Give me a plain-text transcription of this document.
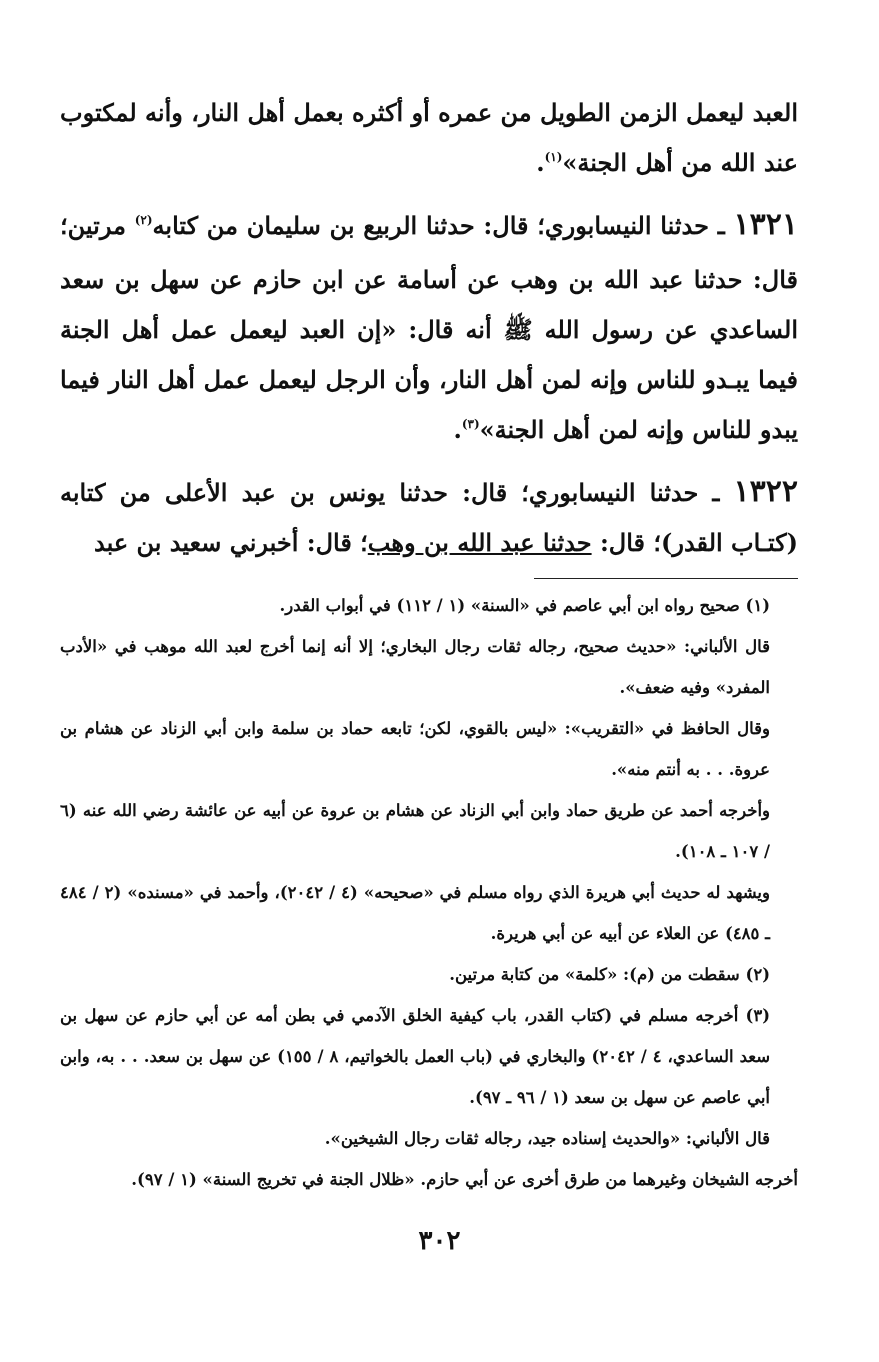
العبد ليعمل الزمن الطويل من عمره أو أكثره بعمل أهل النار، وأنه لمكتوب عند الله من أهل الجنة»$^{(١)}$.

١٣٢١ ـ حدثنا النيسابوري؛ قال: حدثنا الربيع بن سليمان من كتابه$^{(٢)}$ مرتين؛ قال: حدثنا عبد الله بن وهب عن أسامة عن ابن حازم عن سهل بن سعد الساعدي عن رسول الله ﷺ أنه قال: «إن العبد ليعمل عمل أهل الجنة فيما يبـدو للناس وإنه لمن أهل النار، وأن الرجل ليعمل عمل أهل النار فيما يبدو للناس وإنه لمن أهل الجنة»$^{(٣)}$.

١٣٢٢ ـ حدثنا النيسابوري؛ قال: حدثنا يونس بن عبد الأعلى من كتابه (كتـاب القدر)؛ قال: حدثنا عبد الله بن وهب؛ قال: أخبرني سعيد بن عبد

(١) صحيح رواه ابن أبي عاصم في «السنة» (١ / ١١٢) في أبواب القدر.

قال الألباني: «حديث صحيح، رجاله ثقات رجال البخاري؛ إلا أنه إنما أخرج لعبد الله موهب في «الأدب المفرد» وفيه ضعف».

وقال الحافظ في «التقريب»: «ليس بالقوي، لكن؛ تابعه حماد بن سلمة وابن أبي الزناد عن هشام بن عروة. . . به أنتم منه».

وأخرجه أحمد عن طريق حماد وابن أبي الزناد عن هشام بن عروة عن أبيه عن عائشة رضي الله عنه (٦ / ١٠٧ ـ ١٠٨).

ويشهد له حديث أبي هريرة الذي رواه مسلم في «صحيحه» (٤ / ٢٠٤٢)، وأحمد في «مسنده» (٢ / ٤٨٤ ـ ٤٨٥) عن العلاء عن أبيه عن أبي هريرة.

(٢) سقطت من (م): «كلمة» من كتابة مرتين.

(٣) أخرجه مسلم في (كتاب القدر، باب كيفية الخلق الآدمي في بطن أمه عن أبي حازم عن سهل بن سعد الساعدي، ٤ / ٢٠٤٢) والبخاري في (باب العمل بالخواتيم، ٨ / ١٥٥) عن سهل بن سعد. . . به، وابن أبي عاصم عن سهل بن سعد (١ / ٩٦ ـ ٩٧).

قال الألباني: «والحديث إسناده جيد، رجاله ثقات رجال الشيخين».

أخرجه الشيخان وغيرهما من طرق أخرى عن أبي حازم. «ظلال الجنة في تخريج السنة» (١ / ٩٧).

٣٠٢
